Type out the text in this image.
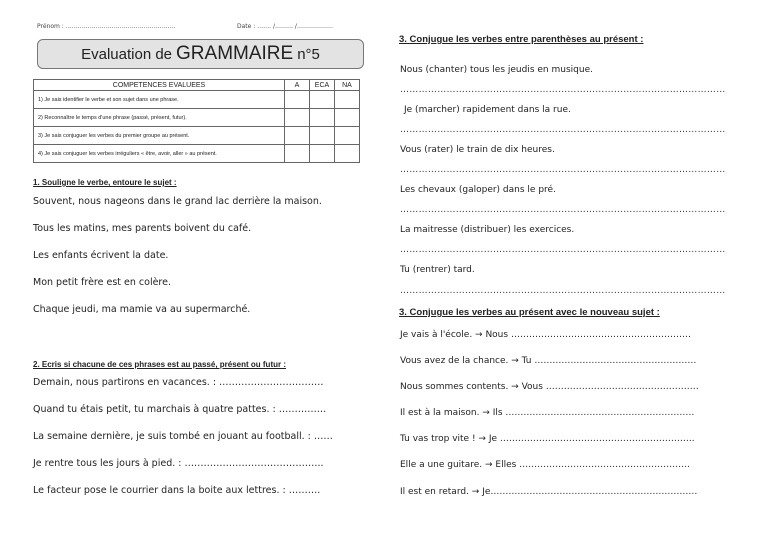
Prénom : ……………………………………………….	Date : ……. /……… /………………
Evaluation de GRAMMAIRE n°5
COMPETENCES EVALUEES	A	ECA	NA
1) Je sais identifier le verbe et son sujet dans une phrase.			
2) Reconnaître le temps d'une phrase (passé, présent, futur).			
3) Je sais conjuguer les verbes du premier groupe au présent.			
4) Je sais conjuguer les verbes irréguliers « être, avoir, aller » au présent.			
1. Souligne le verbe, entoure le sujet :
Souvent, nous nageons dans le grand lac derrière la maison.
Tous les matins, mes parents boivent du café.
Les enfants écrivent la date.
Mon petit frère est en colère.
Chaque jeudi, ma mamie va au supermarché.
2. Ecris si chacune de ces phrases est au passé, présent ou futur :
Demain, nous partirons en vacances. : ……………………………
Quand tu étais petit, tu marchais à quatre pattes. : ……………
La semaine dernière, je suis tombé en jouant au football. : ……
Je rentre tous les jours à pied. : ……………………………………..
Le facteur pose le courrier dans la boite aux lettres. : ……….
3. Conjugue les verbes entre parenthèses au présent :
Nous (chanter) tous les jeudis en musique.
……………………………………………………………………………………………
Je (marcher) rapidement dans la rue.
……………………………………………………………………………………………
Vous (rater) le train de dix heures.
……………………………………………………………………………………………
Les chevaux (galoper) dans le pré.
……………………………………………………………………………………………
La maitresse (distribuer) les exercices.
……………………………………………………………………………………………
Tu (rentrer) tard.
……………………………………………………………………………………………
3. Conjugue les verbes au présent avec le nouveau sujet :
Je vais à l'école. → Nous ……………………………………………………
Vous avez de la chance. → Tu ………………………………………………
Nous sommes contents. → Vous ……………………………………………
Il est à la maison. → Ils ………………………………………………………
Tu vas trop vite ! → Je ………………………………………………………..
Elle a une guitare. → Elles …………………………………………………
Il est en retard. → Je……………………………………………………………
